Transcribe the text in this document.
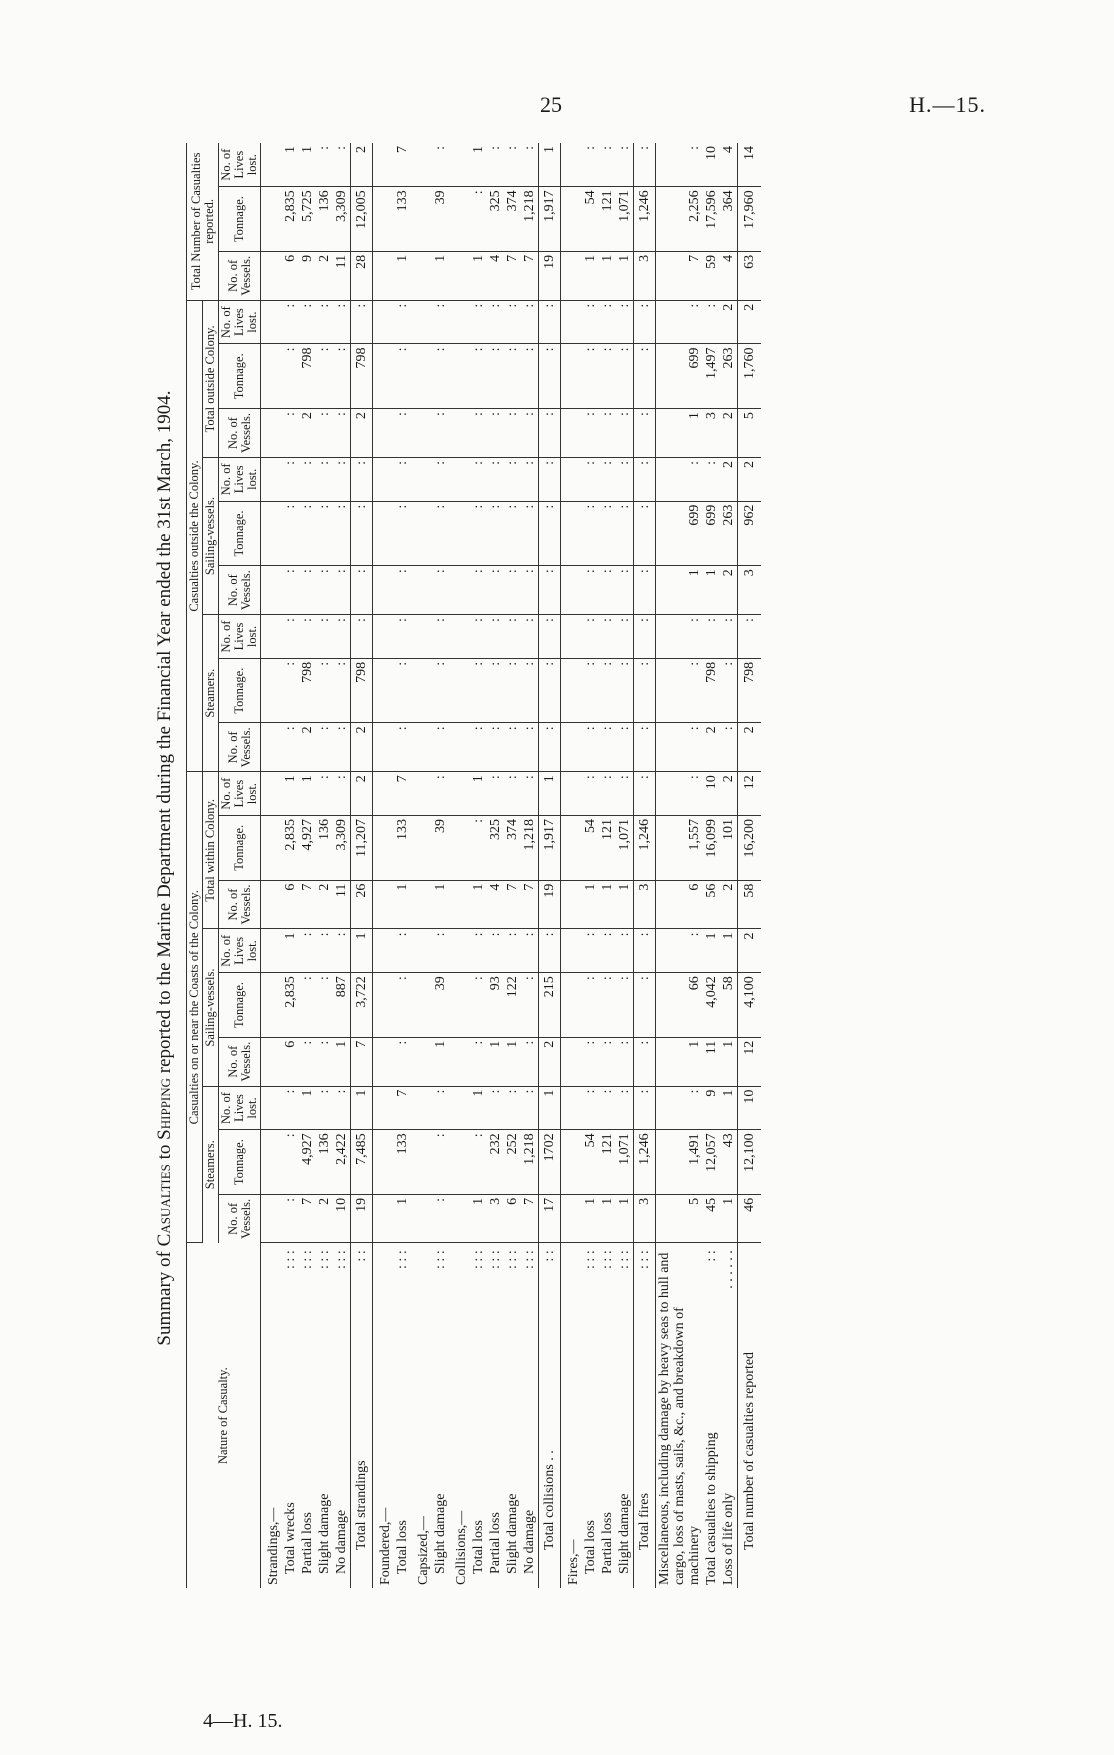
25	H.—15.
Summary of Casualties to Shipping reported to the Marine Department during the Financial Year ended the 31st March, 1904.
Nature of Casualty.	Casualties on or near the Coasts of the Colony.									Casualties outside the Colony.									Total Number of Casualties reported.		
	Steamers.			Sailing-vessels.			Total within Colony.			Steamers.			Sailing-vessels.			Total outside Colony.					
	No. of Vessels.	Tonnage.	No. of Lives lost.	No. of Vessels.	Tonnage.	No. of Lives lost.	No. of Vessels.	Tonnage.	No. of Lives lost.	No. of Vessels.	Tonnage.	No. of Lives lost.	No. of Vessels.	Tonnage.	No. of Lives lost.	No. of Vessels.	Tonnage.	No. of Lives lost.	No. of Vessels.	Tonnage.	No. of Lives lost.
Strandings,—																					
Total wrecks
: : :	:	:	:	6	2,835	1	6	2,835	1	:	:	:	:	:	:	:	:	:	6	2,835	1
Partial loss
: : :	7	4,927	1	:	:	:	7	4,927	1	2	798	:	:	:	:	2	798	:	9	5,725	1
Slight damage
: : :	2	136	:	:	:	:	2	136	:	:	:	:	:	:	:	:	:	:	2	136	:
No damage
: : :	10	2,422	:	1	887	:	11	3,309	:	:	:	:	:	:	:	:	:	:	11	3,309	:
Total strandings
: :	19	7,485	1	7	3,722	1	26	11,207	2	2	798	:	:	:	:	2	798	:	28	12,005	2
Foundered,—																					
Total loss
: : :	1	133	7	:	:	:	1	133	7	:	:	:	:	:	:	:	:	:	1	133	7
Capsized,—																					
Slight damage
: : :	:	:	:	1	39	:	1	39	:	:	:	:	:	:	:	:	:	:	1	39	:
Collisions,—																					
Total loss
: : :	1	:	1	:	:	:	1	:	1	:	:	:	:	:	:	:	:	:	1	:	1
Partial loss
: : :	3	232	:	1	93	:	4	325	:	:	:	:	:	:	:	:	:	:	4	325	:
Slight damage
: : :	6	252	:	1	122	:	7	374	:	:	:	:	:	:	:	:	:	:	7	374	:
No damage
: : :	7	1,218	:	:	:	:	7	1,218	:	:	:	:	:	:	:	:	:	:	7	1,218	:
Total collisions . .
: :	17	1702	1	2	215	:	19	1,917	1	:	:	:	:	:	:	:	:	:	19	1,917	1
Fires,—																					
Total loss
: : :	1	54	:	:	:	:	1	54	:	:	:	:	:	:	:	:	:	:	1	54	:
Partial loss
: : :	1	121	:	:	:	:	1	121	:	:	:	:	:	:	:	:	:	:	1	121	:
Slight damage
: : :	1	1,071	:	:	:	:	1	1,071	:	:	:	:	:	:	:	:	:	:	1	1,071	:
Total fires
: : :	3	1,246	:	:	:	:	3	1,246	:	:	:	:	:	:	:	:	:	:	3	1,246	:
Miscellaneous, including damage by heavy seas to hull and cargo, loss of masts, sails, &c., and breakdown of machinery	5	1,491	:	1	66	:	6	1,557	:	:	:	:	1	699	:	1	699	:	7	2,256	:
Total casualties to shipping
: :	45	12,057	9	11	4,042	1	56	16,099	10	2	798	:	1	699	:	3	1,497	:	59	17,596	10
Loss of life only
. . . . . .	1	43	1	1	58	1	2	101	2	:	:	:	2	263	2	2	263	2	4	364	4
Total number of casualties reported	46	12,100	10	12	4,100	2	58	16,200	12	2	798	:	3	962	2	5	1,760	2	63	17,960	14
4—H. 15.
